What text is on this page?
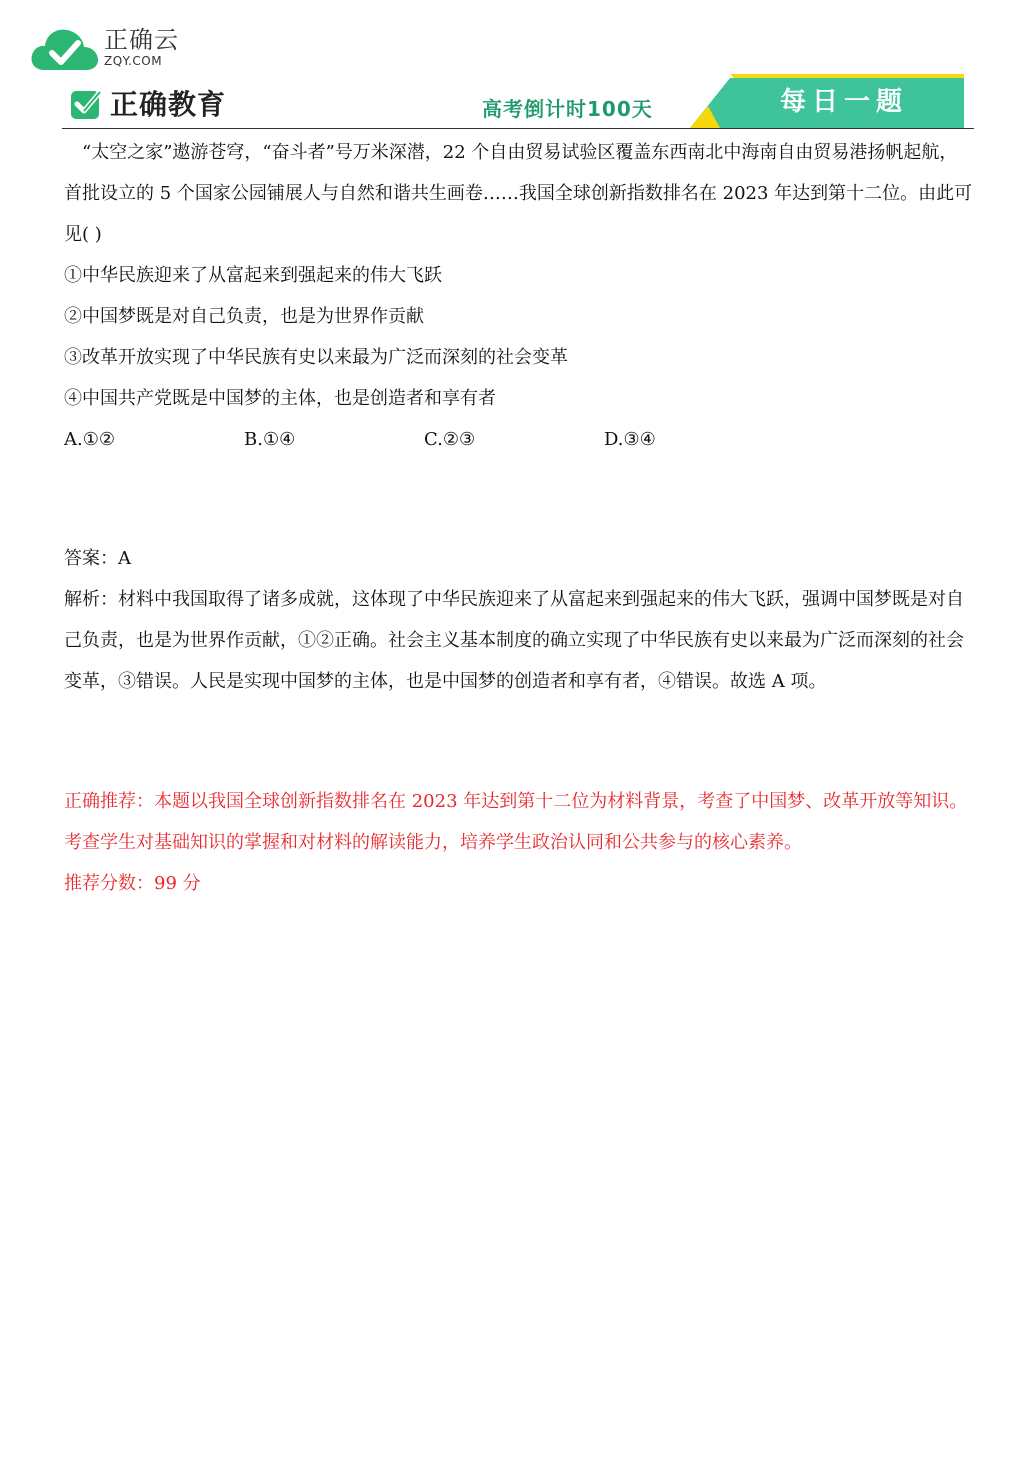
正确云
ZQY.COM
正确教育	高考倒计时100天	每日一题

“太空之家”遨游苍穹，“奋斗者”号万米深潜，22 个自由贸易试验区覆盖东西南北中海南自由贸易港扬帆起航，首批设立的 5 个国家公园铺展人与自然和谐共生画卷……我国全球创新指数排名在 2023 年达到第十二位。由此可见( )

①中华民族迎来了从富起来到强起来的伟大飞跃

②中国梦既是对自己负责，也是为世界作贡献

③改革开放实现了中华民族有史以来最为广泛而深刻的社会变革

④中国共产党既是中国梦的主体，也是创造者和享有者

A.①②	B.①④	C.②③	D.③④

答案：A

解析：材料中我国取得了诸多成就，这体现了中华民族迎来了从富起来到强起来的伟大飞跃，强调中国梦既是对自己负责，也是为世界作贡献，①②正确。社会主义基本制度的确立实现了中华民族有史以来最为广泛而深刻的社会变革，③错误。人民是实现中国梦的主体，也是中国梦的创造者和享有者，④错误。故选 A 项。

正确推荐：本题以我国全球创新指数排名在 2023 年达到第十二位为材料背景，考查了中国梦、改革开放等知识。考查学生对基础知识的掌握和对材料的解读能力，培养学生政治认同和公共参与的核心素养。

推荐分数：99 分
